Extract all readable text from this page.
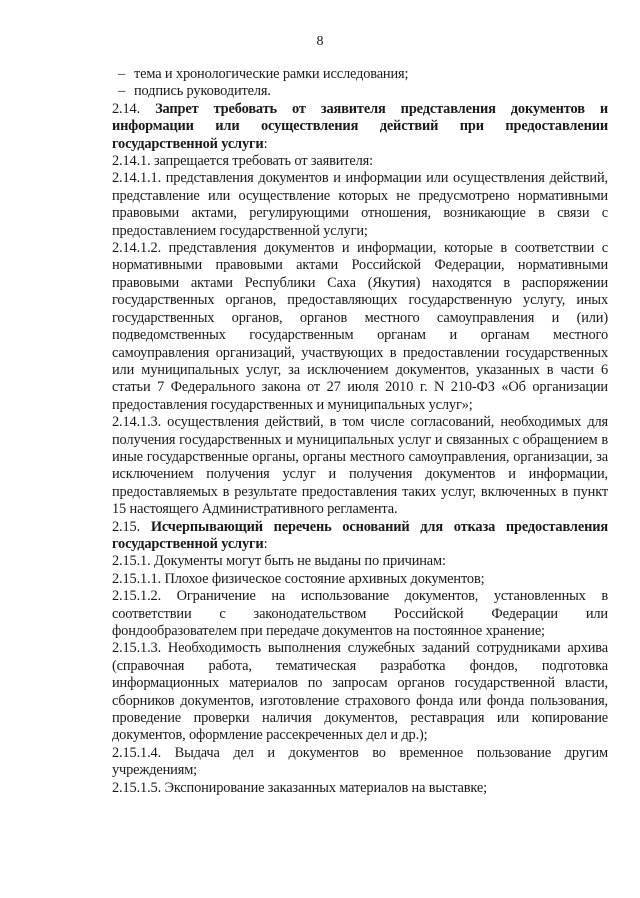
8
– тема и хронологические рамки исследования;
– подпись руководителя.
2.14. Запрет требовать от заявителя представления документов и информации или осуществления действий при предоставлении государственной услуги:
2.14.1. запрещается требовать от заявителя:
2.14.1.1. представления документов и информации или осуществления действий, представление или осуществление которых не предусмотрено нормативными правовыми актами, регулирующими отношения, возникающие в связи с предоставлением государственной услуги;
2.14.1.2. представления документов и информации, которые в соответствии с нормативными правовыми актами Российской Федерации, нормативными правовыми актами Республики Саха (Якутия) находятся в распоряжении государственных органов, предоставляющих государственную услугу, иных государственных органов, органов местного самоуправления и (или) подведомственных государственным органам и органам местного самоуправления организаций, участвующих в предоставлении государственных или муниципальных услуг, за исключением документов, указанных в части 6 статьи 7 Федерального закона от 27 июля 2010 г. N 210-ФЗ «Об организации предоставления государственных и муниципальных услуг»;
2.14.1.3. осуществления действий, в том числе согласований, необходимых для получения государственных и муниципальных услуг и связанных с обращением в иные государственные органы, органы местного самоуправления, организации, за исключением получения услуг и получения документов и информации, предоставляемых в результате предоставления таких услуг, включенных в пункт 15 настоящего Административного регламента.
2.15. Исчерпывающий перечень оснований для отказа предоставления государственной услуги:
2.15.1. Документы могут быть не выданы по причинам:
2.15.1.1. Плохое физическое состояние архивных документов;
2.15.1.2. Ограничение на использование документов, установленных в соответствии с законодательством Российской Федерации или фондообразователем при передаче документов на постоянное хранение;
2.15.1.3. Необходимость выполнения служебных заданий сотрудниками архива (справочная работа, тематическая разработка фондов, подготовка информационных материалов по запросам органов государственной власти, сборников документов, изготовление страхового фонда или фонда пользования, проведение проверки наличия документов, реставрация или копирование документов, оформление рассекреченных дел и др.);
2.15.1.4. Выдача дел и документов во временное пользование другим учреждениям;
2.15.1.5. Экспонирование заказанных материалов на выставке;
